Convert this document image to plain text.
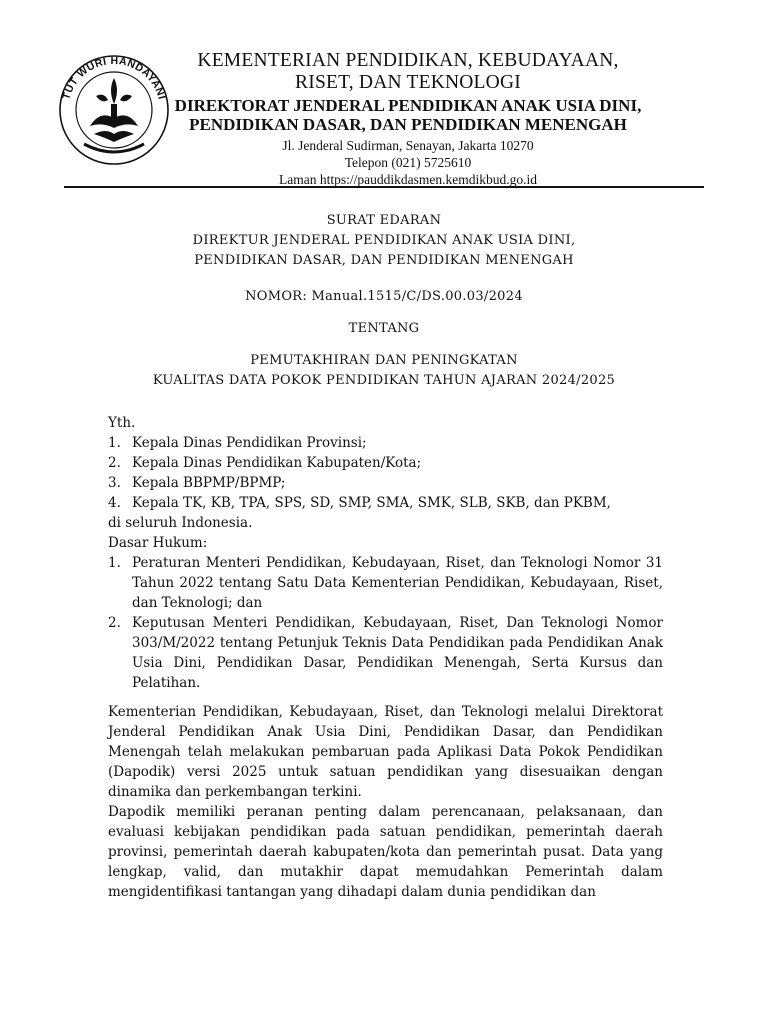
TUT WURI HANDAYANI
KEMENTERIAN PENDIDIKAN, KEBUDAYAAN,
RISET, DAN TEKNOLOGI
DIREKTORAT JENDERAL PENDIDIKAN ANAK USIA DINI,
PENDIDIKAN DASAR, DAN PENDIDIKAN MENENGAH
Jl. Jenderal Sudirman, Senayan, Jakarta 10270
Telepon (021) 5725610
Laman https://pauddikdasmen.kemdikbud.go.id
SURAT EDARAN
DIREKTUR JENDERAL PENDIDIKAN ANAK USIA DINI,
PENDIDIKAN DASAR, DAN PENDIDIKAN MENENGAH
NOMOR: Manual.1515/C/DS.00.03/2024
TENTANG
PEMUTAKHIRAN DAN PENINGKATAN
KUALITAS DATA POKOK PENDIDIKAN TAHUN AJARAN 2024/2025

Yth.

1. Kepala Dinas Pendidikan Provinsi;
2. Kepala Dinas Pendidikan Kabupaten/Kota;
3. Kepala BBPMP/BPMP;
4. Kepala TK, KB, TPA, SPS, SD, SMP, SMA, SMK, SLB, SKB, dan PKBM,

di seluruh Indonesia.

Dasar Hukum:

1. Peraturan Menteri Pendidikan, Kebudayaan, Riset, dan Teknologi Nomor 31 Tahun 2022 tentang Satu Data Kementerian Pendidikan, Kebudayaan, Riset, dan Teknologi; dan
2. Keputusan Menteri Pendidikan, Kebudayaan, Riset, Dan Teknologi Nomor 303/M/2022 tentang Petunjuk Teknis Data Pendidikan pada Pendidikan Anak Usia Dini, Pendidikan Dasar, Pendidikan Menengah, Serta Kursus dan Pelatihan.

Kementerian Pendidikan, Kebudayaan, Riset, dan Teknologi melalui Direktorat Jenderal Pendidikan Anak Usia Dini, Pendidikan Dasar, dan Pendidikan Menengah telah melakukan pembaruan pada Aplikasi Data Pokok Pendidikan (Dapodik) versi 2025 untuk satuan pendidikan yang disesuaikan dengan dinamika dan perkembangan terkini.

Dapodik memiliki peranan penting dalam perencanaan, pelaksanaan, dan evaluasi kebijakan pendidikan pada satuan pendidikan, pemerintah daerah provinsi, pemerintah daerah kabupaten/kota dan pemerintah pusat. Data yang lengkap, valid, dan mutakhir dapat memudahkan Pemerintah dalam mengidentifikasi tantangan yang dihadapi dalam dunia pendidikan dan
